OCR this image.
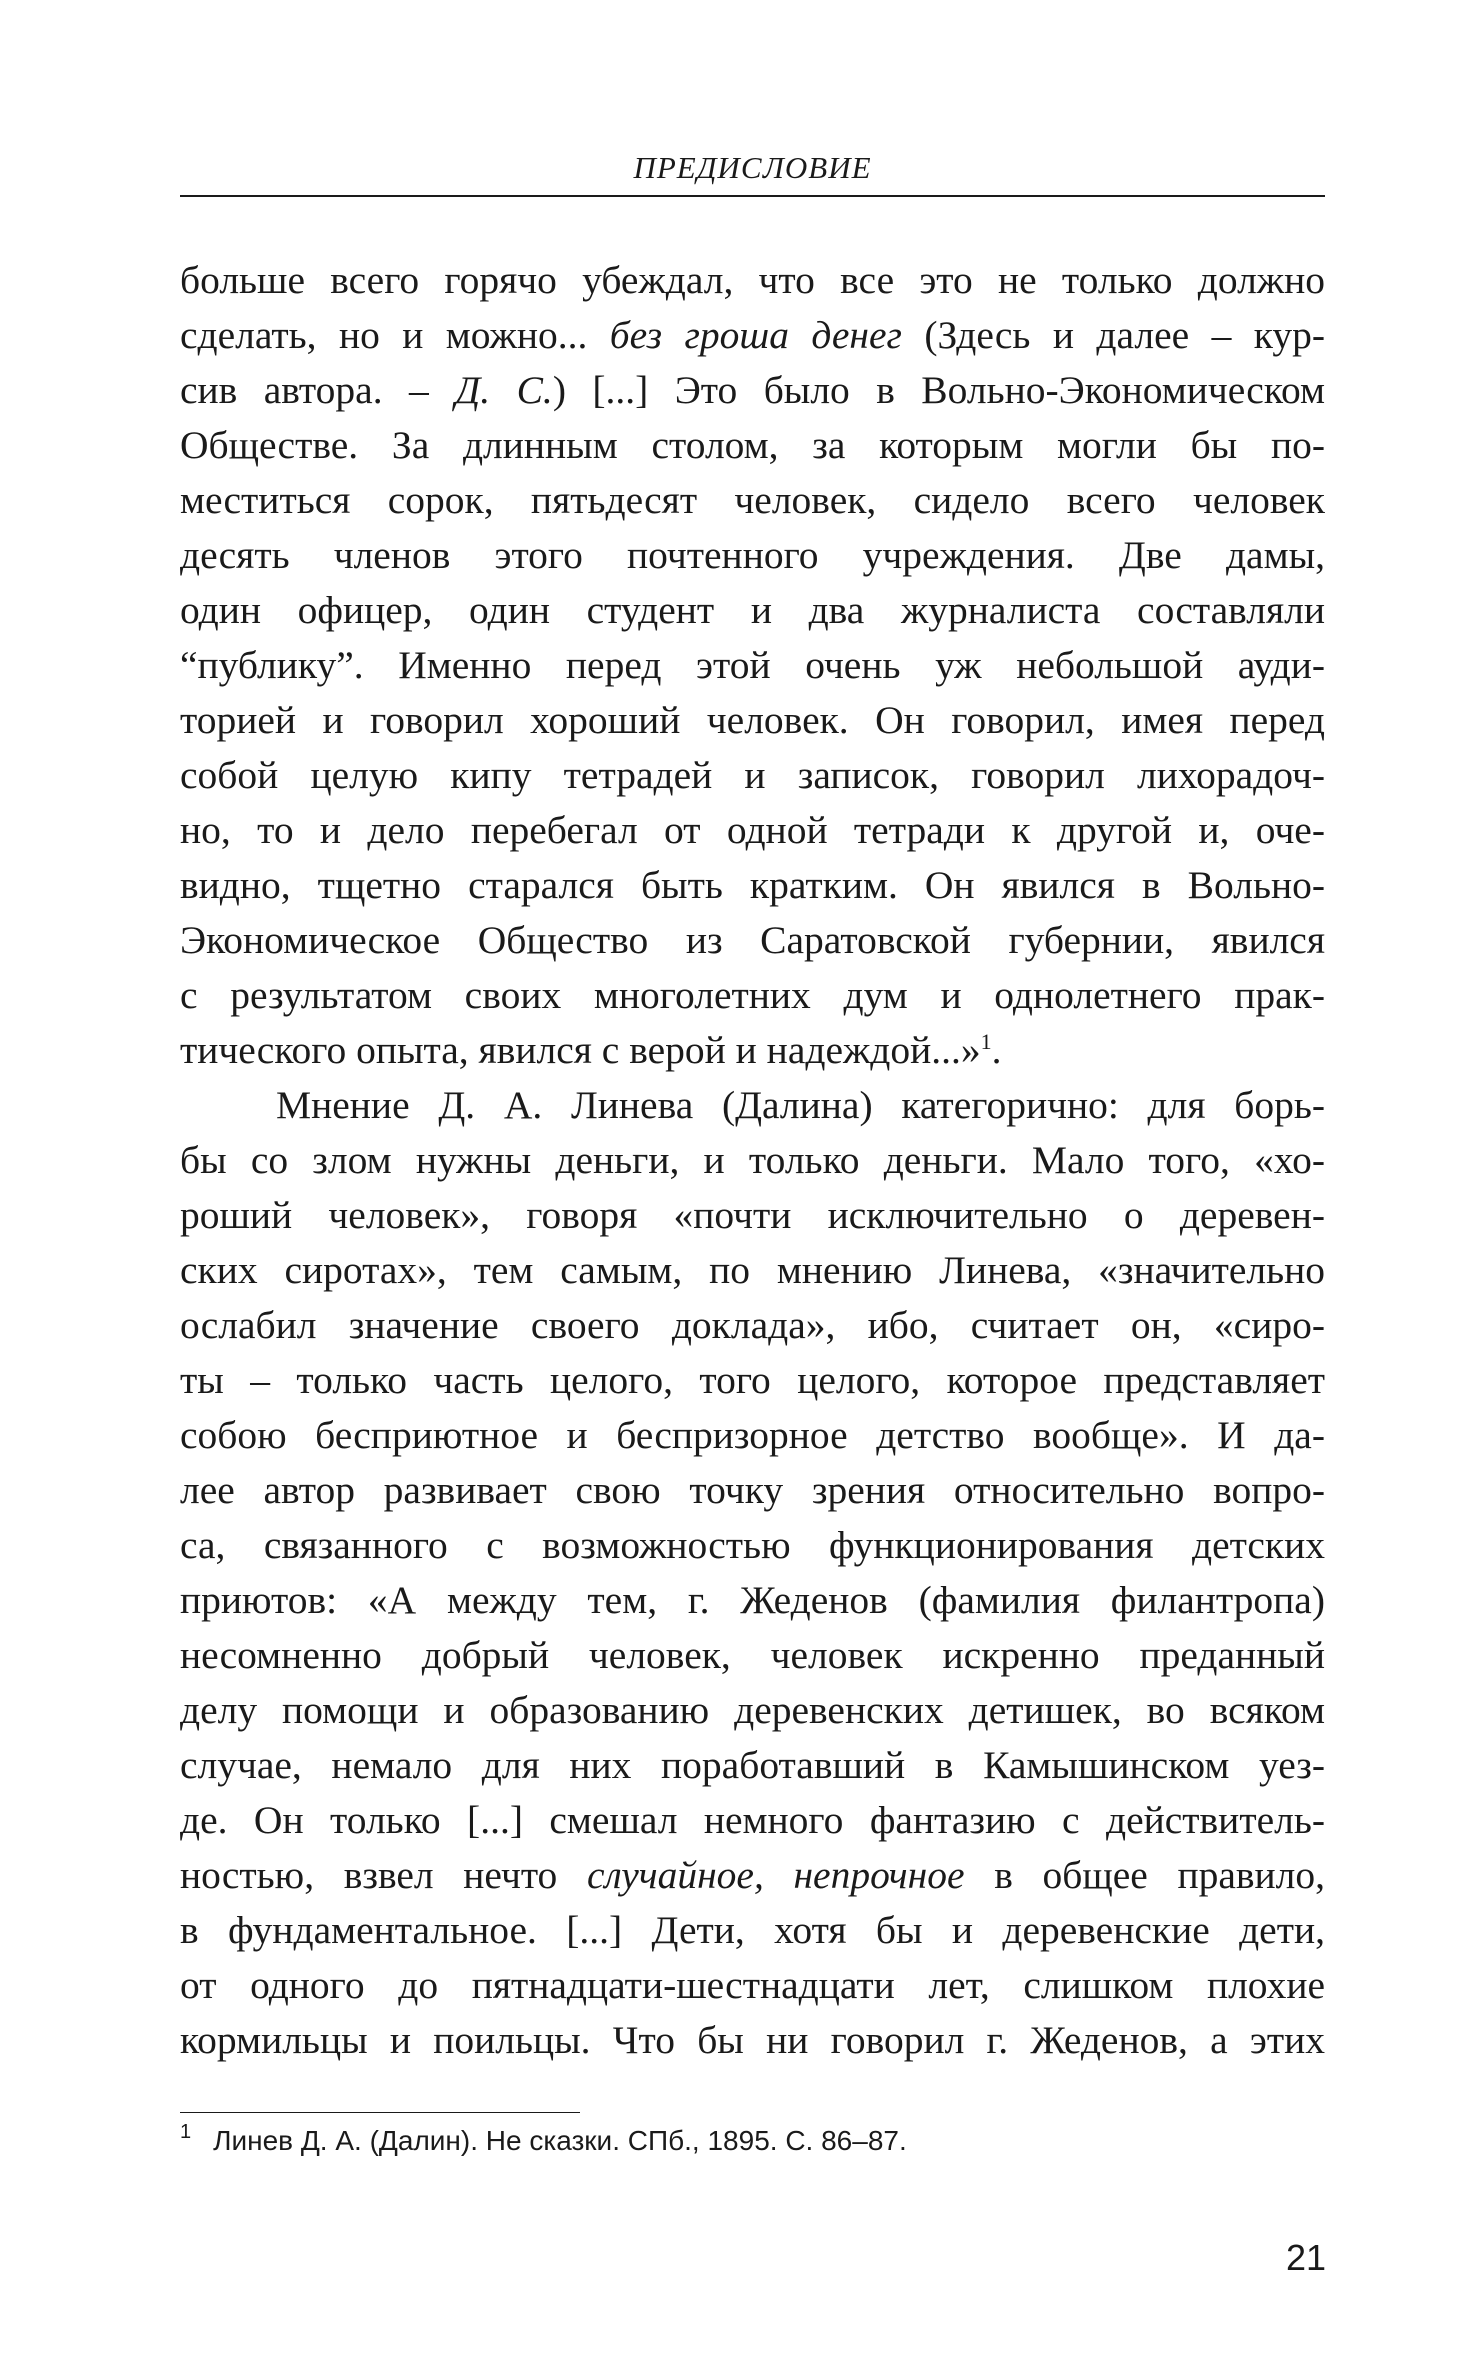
ПРЕДИСЛОВИЕ
больше всего горячо убеждал, что все это не только должно
сделать, но и можно... без гроша денег (Здесь и далее – кур-
сив автора. – Д. С.) [...] Это было в Вольно-Экономическом
Обществе. За длинным столом, за которым могли бы по-
меститься сорок, пятьдесят человек, сидело всего человек
десять членов этого почтенного учреждения. Две дамы,
один офицер, один студент и два журналиста составляли
“публику”. Именно перед этой очень уж небольшой ауди-
торией и говорил хороший человек. Он говорил, имея перед
собой целую кипу тетрадей и записок, говорил лихорадоч-
но, то и дело перебегал от одной тетради к другой и, оче-
видно, тщетно старался быть кратким. Он явился в Вольно-
Экономическое Общество из Саратовской губернии, явился
с результатом своих многолетних дум и однолетнего прак-
тического опыта, явился с верой и надеждой...»$^1$.
Мнение Д. А. Линева (Далина) категорично: для борь-
бы со злом нужны деньги, и только деньги. Мало того, «хо-
роший человек», говоря «почти исключительно о деревен-
ских сиротах», тем самым, по мнению Линева, «значительно
ослабил значение своего доклада», ибо, считает он, «сиро-
ты – только часть целого, того целого, которое представляет
собою бесприютное и беспризорное детство вообще». И да-
лее автор развивает свою точку зрения относительно вопро-
са, связанного с возможностью функционирования детских
приютов: «А между тем, г. Жеденов (фамилия филантропа)
несомненно добрый человек, человек искренно преданный
делу помощи и образованию деревенских детишек, во всяком
случае, немало для них поработавший в Камышинском уез-
де. Он только [...] смешал немного фантазию с действитель-
ностью, взвел нечто случайное, непрочное в общее правило,
в фундаментальное. [...] Дети, хотя бы и деревенские дети,
от одного до пятнадцати-шестнадцати лет, слишком плохие
кормильцы и поильцы. Что бы ни говорил г. Жеденов, а этих
$^1$ Линев Д. А. (Далин). Не сказки. СПб., 1895. С. 86–87.
21
